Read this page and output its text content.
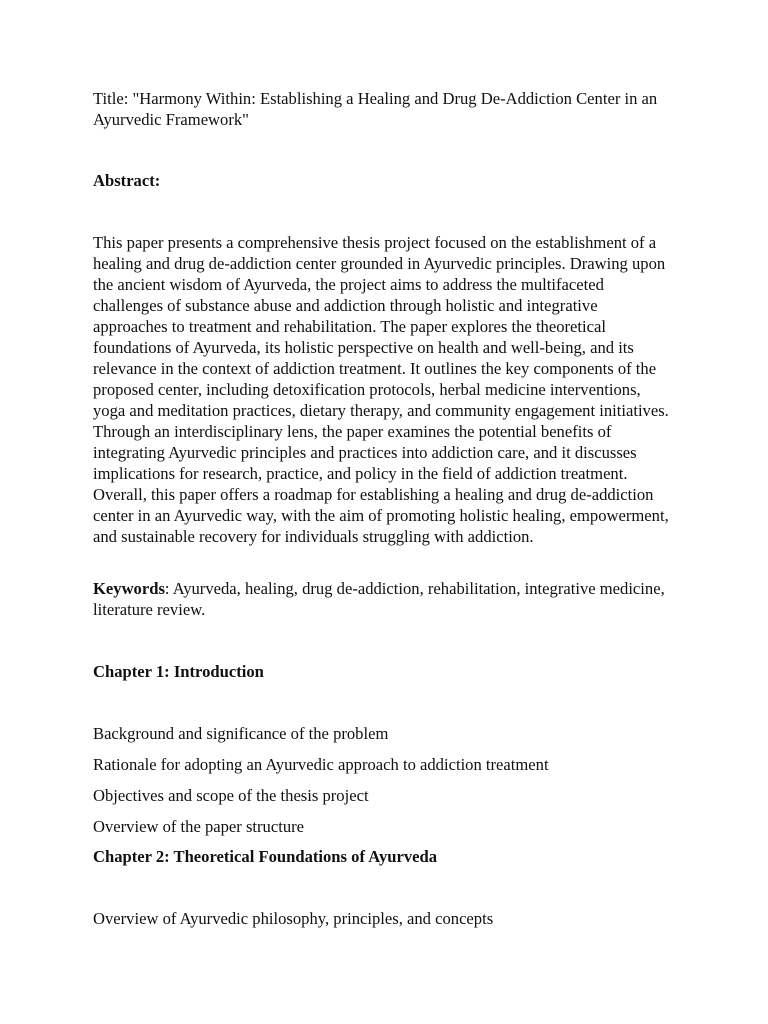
Title: "Harmony Within: Establishing a Healing and Drug De-Addiction Center in an Ayurvedic Framework"

Abstract:

This paper presents a comprehensive thesis project focused on the establishment of a healing and drug de-addiction center grounded in Ayurvedic principles. Drawing upon the ancient wisdom of Ayurveda, the project aims to address the multifaceted challenges of substance abuse and addiction through holistic and integrative approaches to treatment and rehabilitation. The paper explores the theoretical foundations of Ayurveda, its holistic perspective on health and well-being, and its relevance in the context of addiction treatment. It outlines the key components of the proposed center, including detoxification protocols, herbal medicine interventions, yoga and meditation practices, dietary therapy, and community engagement initiatives. Through an interdisciplinary lens, the paper examines the potential benefits of integrating Ayurvedic principles and practices into addiction care, and it discusses implications for research, practice, and policy in the field of addiction treatment. Overall, this paper offers a roadmap for establishing a healing and drug de-addiction center in an Ayurvedic way, with the aim of promoting holistic healing, empowerment, and sustainable recovery for individuals struggling with addiction.

Keywords: Ayurveda, healing, drug de-addiction, rehabilitation, integrative medicine, literature review.

Chapter 1: Introduction

Background and significance of the problem

Rationale for adopting an Ayurvedic approach to addiction treatment

Objectives and scope of the thesis project

Overview of the paper structure

Chapter 2: Theoretical Foundations of Ayurveda

Overview of Ayurvedic philosophy, principles, and concepts
